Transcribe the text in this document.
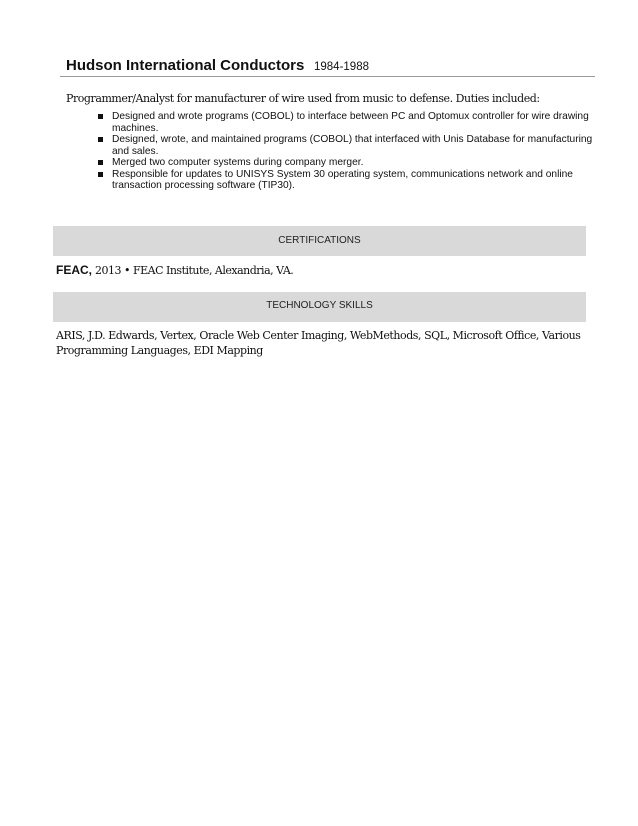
Hudson International Conductors 1984-1988
Programmer/Analyst for manufacturer of wire used from music to defense. Duties included:
Designed and wrote programs (COBOL) to interface between PC and Optomux controller for wire drawing machines.
Designed, wrote, and maintained programs (COBOL) that interfaced with Unis Database for manufacturing and sales.
Merged two computer systems during company merger.
Responsible for updates to UNISYS System 30 operating system, communications network and online transaction processing software (TIP30).
CERTIFICATIONS
FEAC, 2013 • FEAC Institute, Alexandria, VA.
TECHNOLOGY SKILLS
ARIS, J.D. Edwards, Vertex, Oracle Web Center Imaging, WebMethods, SQL, Microsoft Office, Various Programming Languages, EDI Mapping
